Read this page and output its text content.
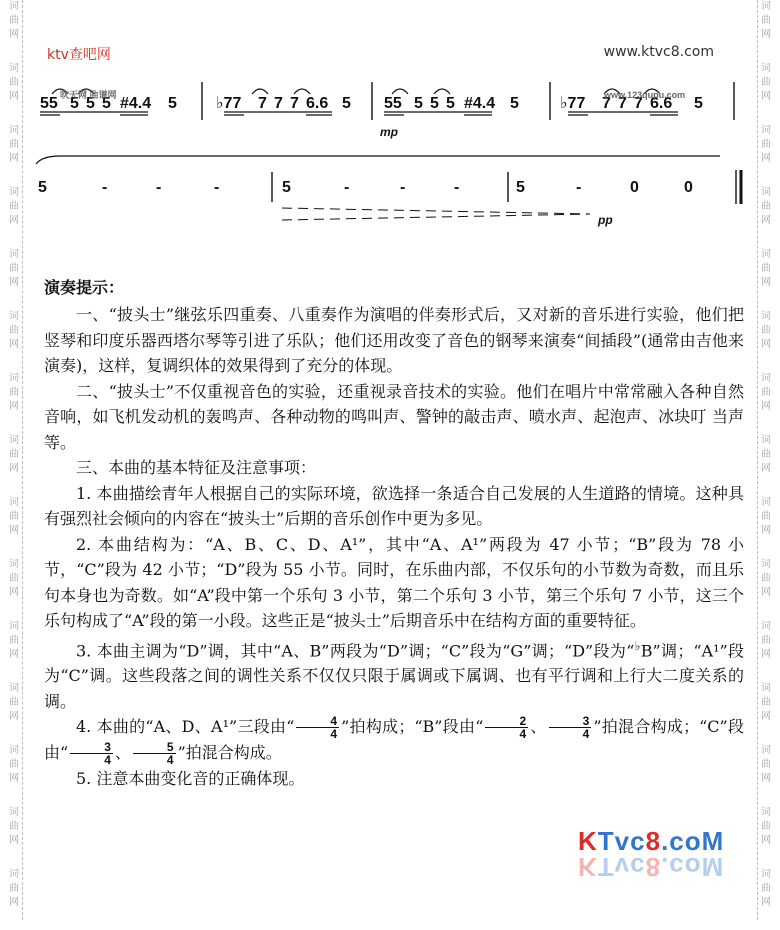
词
曲
网
词
曲
网
词
曲
网
词
曲
网
词
曲
网
词
曲
网
词
曲
网
词
曲
网
词
曲
网
词
曲
网
词
曲
网
词
曲
网
词
曲
网
词
曲
网
词
曲
网
词
曲
网
词
曲
网
词
曲
网
词
曲
网
词
曲
网
词
曲
网
词
曲
网
词
曲
网
词
曲
网
词
曲
网
词
曲
网
词
曲
网
词
曲
网
词
曲
网
词
曲
网
ktv查吧网	www.ktvc8.com
55 5 5 5 #4.4 5 ♭77 7 7 7 6.6 5 55 5 5 5 #4.4 5	♭77 7 7 7 6.6 5
mp
吹天网 曲谱网	www.123qupu.com
5	-	-	-	5	-	-	-	5	-	0	0
pp
演奏提示：

一、“披头士”继弦乐四重奏、八重奏作为演唱的伴奏形式后，又对新的音乐进行实验，他们把竖琴和印度乐器西塔尔琴等引进了乐队；他们还用改变了音色的钢琴来演奏“间插段”(通常由吉他来演奏)，这样，复调织体的效果得到了充分的体现。

二、“披头士”不仅重视音色的实验，还重视录音技术的实验。他们在唱片中常常融入各种自然音响，如飞机发动机的轰鸣声、各种动物的鸣叫声、警钟的敲击声、喷水声、起泡声、冰块叮 当声等。

三、本曲的基本特征及注意事项：

1. 本曲描绘青年人根据自己的实际环境，欲选择一条适合自己发展的人生道路的情境。这种具有强烈社会倾向的内容在“披头士”后期的音乐创作中更为多见。

2. 本曲结构为：“A、B、C、D、A¹”，其中“A、A¹”两段为 47 小节；“B”段为 78 小节，“C”段为 42 小节；“D”段为 55 小节。同时，在乐曲内部，不仅乐句的小节数为奇数，而且乐句本身也为奇数。如“A”段中第一个乐句 3 小节，第二个乐句 3 小节，第三个乐句 7 小节，这三个乐句构成了“A”段的第一小段。这些正是“披头士”后期音乐中在结构方面的重要特征。

3. 本曲主调为“D”调，其中“A、B”两段为“D”调；“C”段为“G”调；“D”段为“♭B”调；“A¹”段为“C”调。这些段落之间的调性关系不仅仅只限于属调或下属调、也有平行调和上行大二度关系的调。

4. 本曲的“A、D、A¹”三段由“ $\frac{4}{4}$ ”拍构成；“B”段由“ $\frac{2}{4}$ 、 $\frac{3}{4}$ ”拍混合构成；“C”段由“ $\frac{3}{4}$ 、 $\frac{5}{4}$ ”拍混合构成。

5. 注意本曲变化音的正确体现。

KTvc8.coM
KTvc8.coM
